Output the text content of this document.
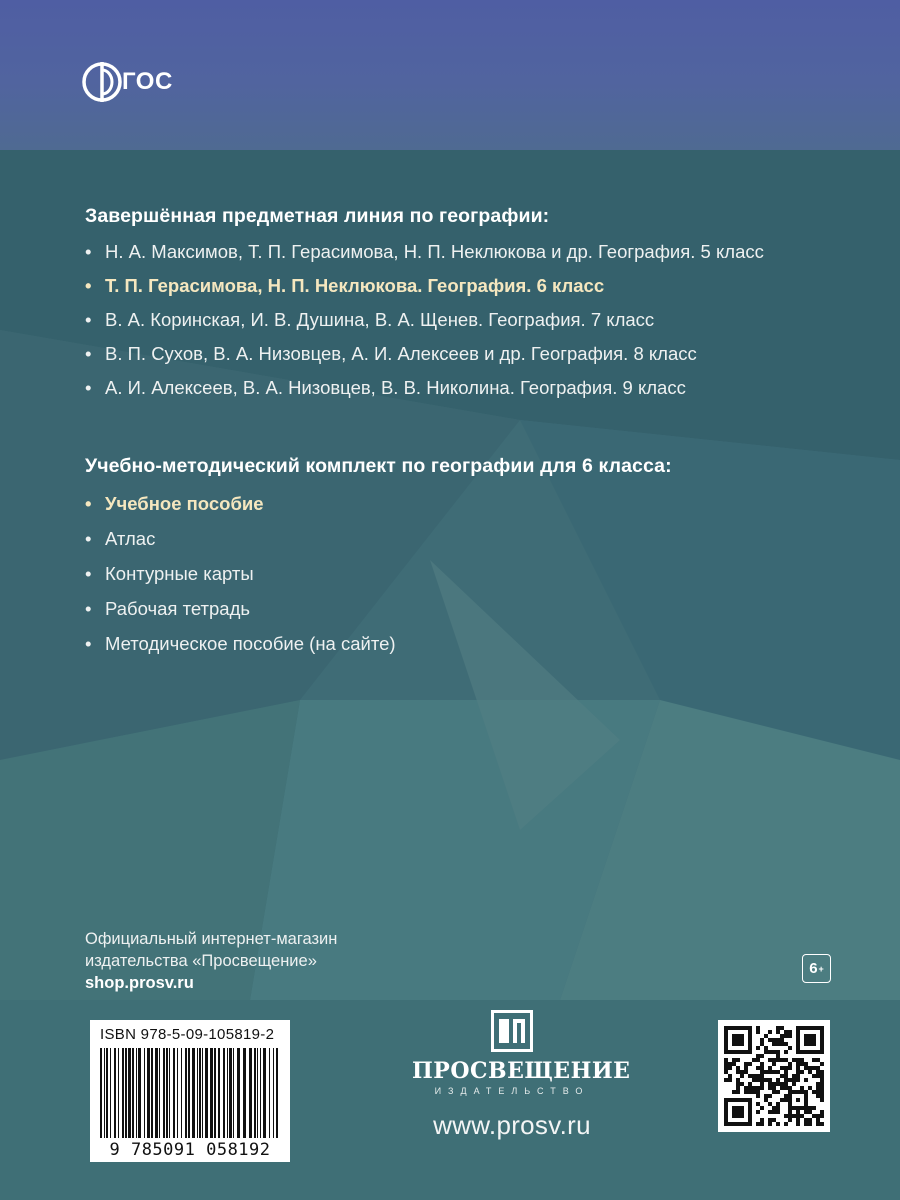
ГОС
Завершённая предметная линия по географии:
• Н. А. Максимов, Т. П. Герасимова, Н. П. Неклюкова и др. География. 5 класс
• Т. П. Герасимова, Н. П. Неклюкова. География. 6 класс
• В. А. Коринская, И. В. Душина, В. А. Щенев. География. 7 класс
• В. П. Сухов, В. А. Низовцев, А. И. Алексеев и др. География. 8 класс
• А. И. Алексеев, В. А. Низовцев, В. В. Николина. География. 9 класс
Учебно-методический комплект по географии для 6 класса:
• Учебное пособие
• Атлас
• Контурные карты
• Рабочая тетрадь
• Методическое пособие (на сайте)
Официальный интернет-магазин
издательства «Просвещение»
shop.prosv.ru
6 +
ISBN 978-5-09-105819-2
9 785091 058192
ПРОСВЕЩЕНИЕ
ИЗДАТЕЛЬСТВО
www.prosv.ru
